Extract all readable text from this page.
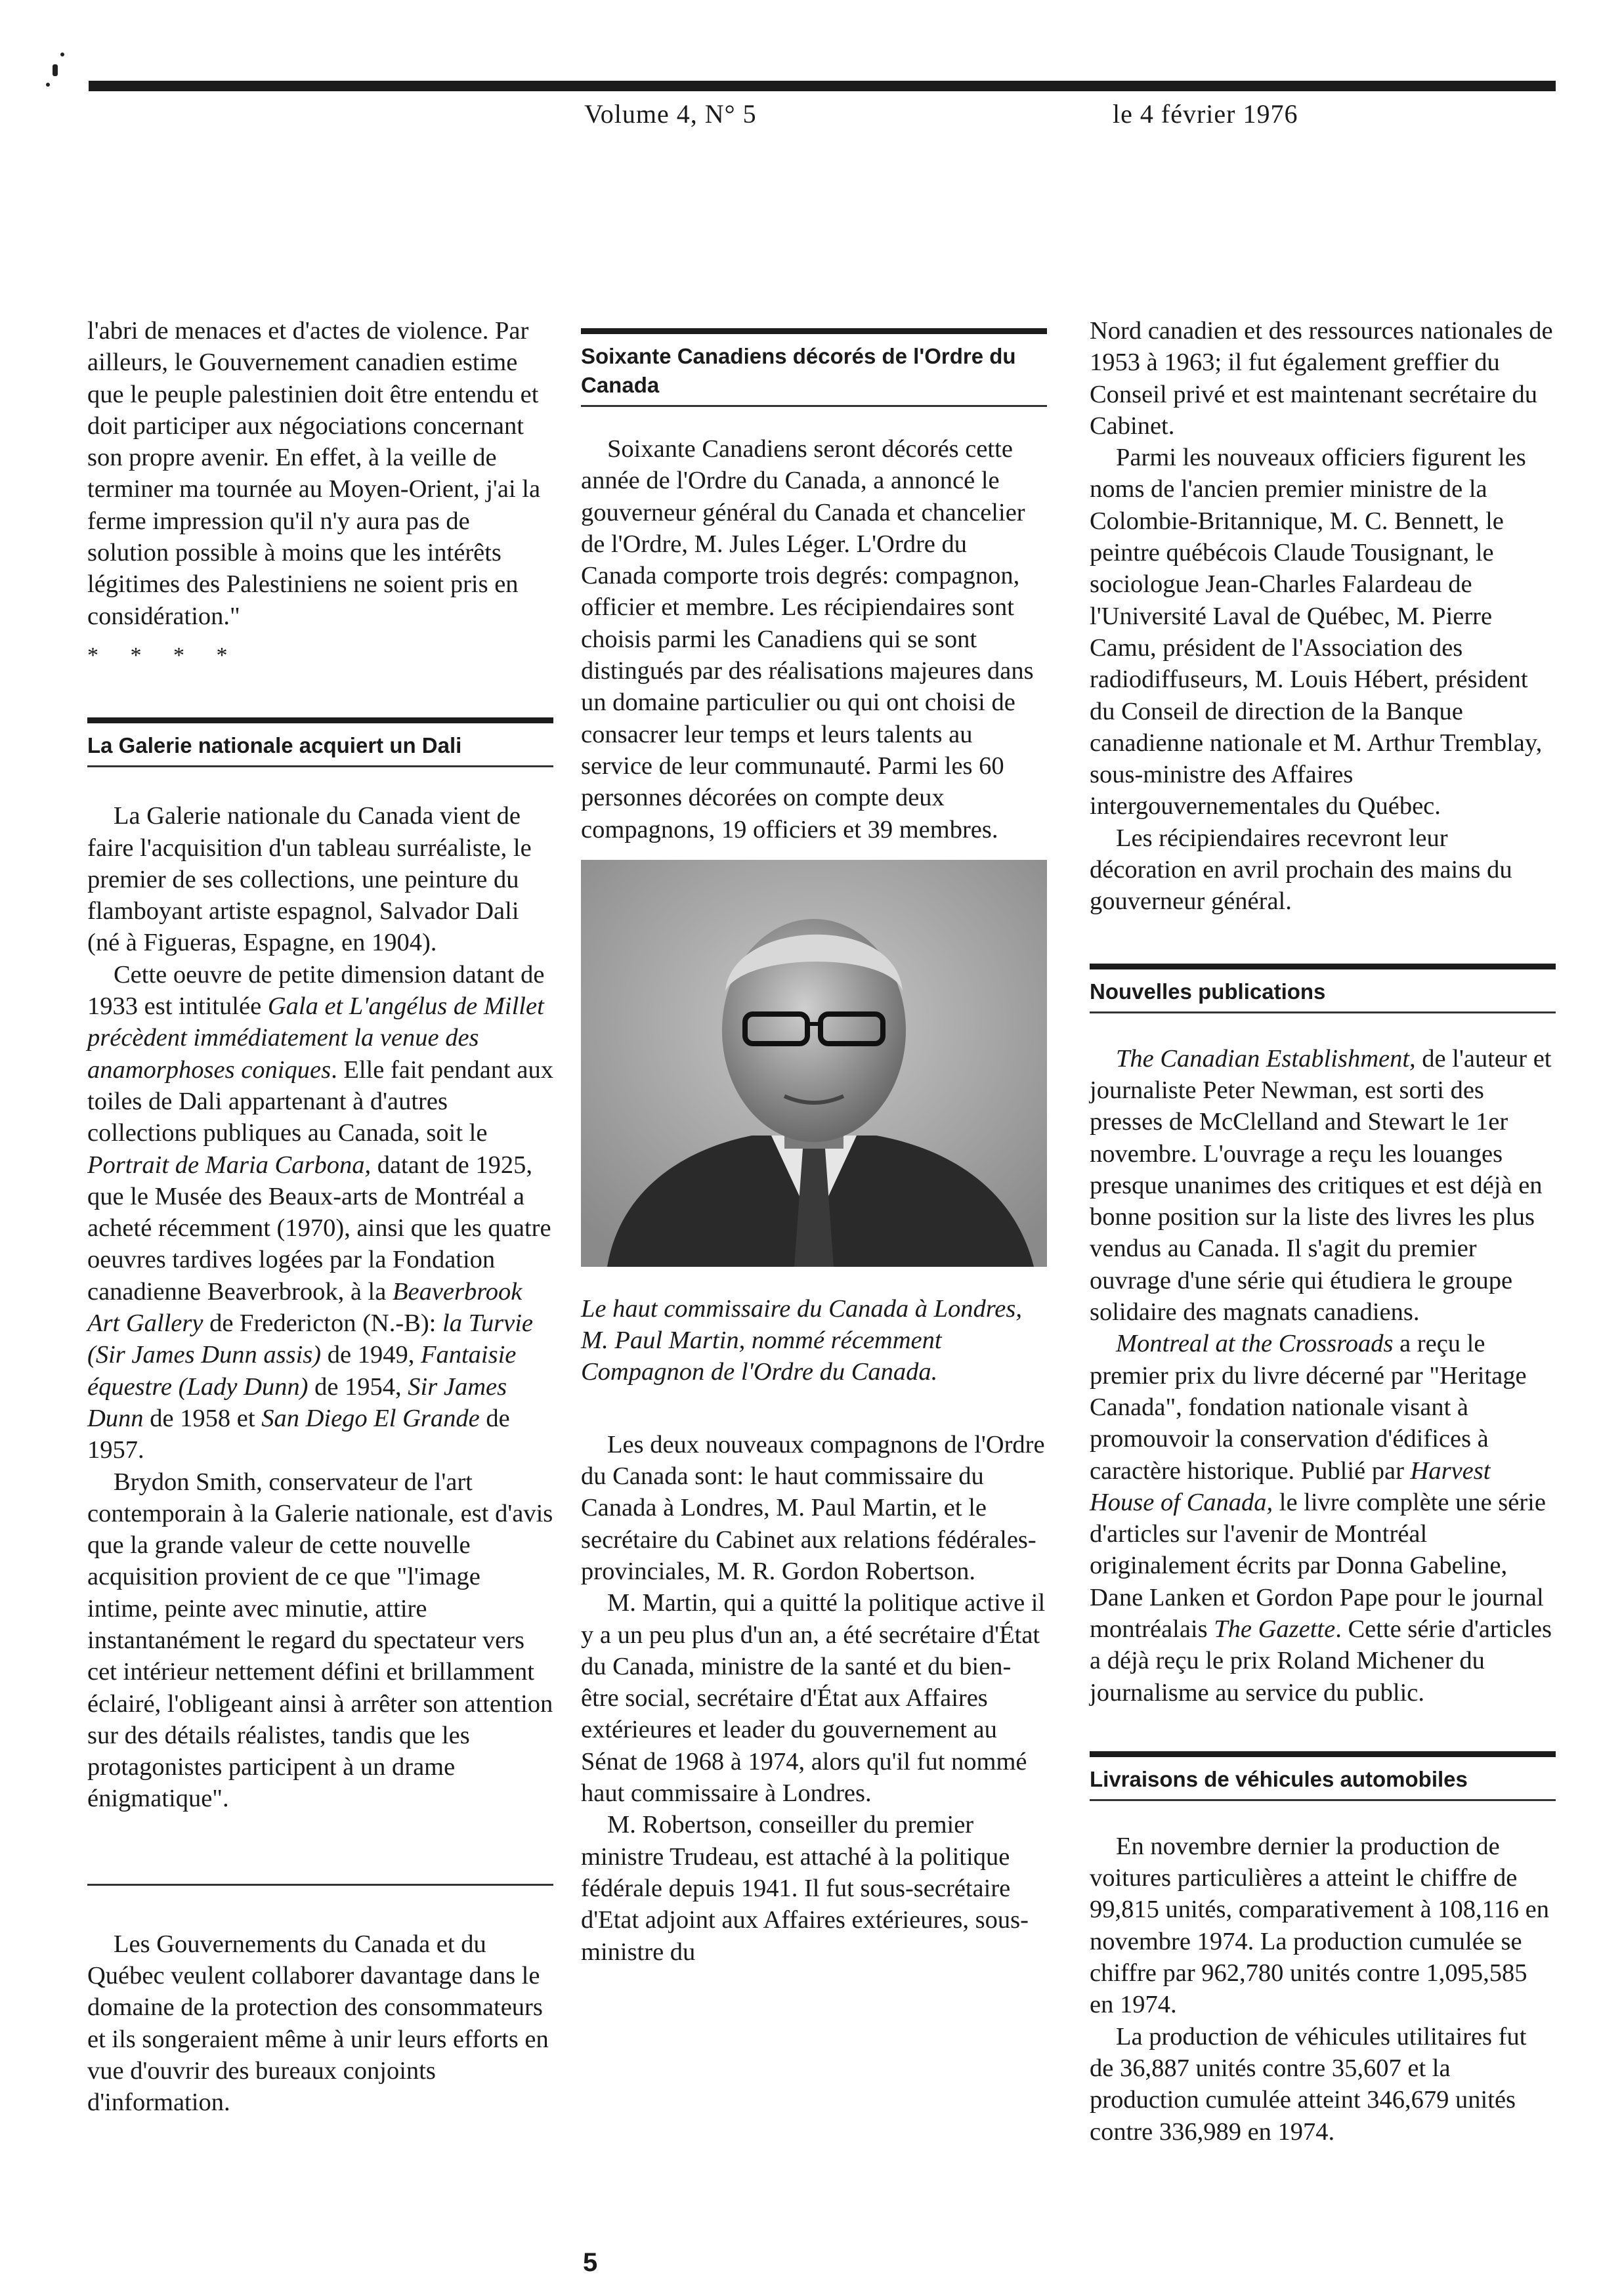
Volume 4, N° 5	le 4 février 1976

l'abri de menaces et d'actes de violence. Par ailleurs, le Gouvernement canadien estime que le peuple palestinien doit être entendu et doit participer aux négociations concernant son propre avenir. En effet, à la veille de terminer ma tournée au Moyen-Orient, j'ai la ferme impression qu'il n'y aura pas de solution possible à moins que les intérêts légitimes des Palestiniens ne soient pris en considération."

* * * *

La Galerie nationale acquiert un Dali

La Galerie nationale du Canada vient de faire l'acquisition d'un tableau surréaliste, le premier de ses collections, une peinture du flamboyant artiste espagnol, Salvador Dali (né à Figueras, Espagne, en 1904).

Cette oeuvre de petite dimension datant de 1933 est intitulée Gala et L'angélus de Millet précèdent immédiatement la venue des anamorphoses coniques. Elle fait pendant aux toiles de Dali appartenant à d'autres collections publiques au Canada, soit le Portrait de Maria Carbona, datant de 1925, que le Musée des Beaux-arts de Montréal a acheté récemment (1970), ainsi que les quatre oeuvres tardives logées par la Fondation canadienne Beaverbrook, à la Beaverbrook Art Gallery de Fredericton (N.-B): la Turvie (Sir James Dunn assis) de 1949, Fantaisie équestre (Lady Dunn) de 1954, Sir James Dunn de 1958 et San Diego El Grande de 1957.

Brydon Smith, conservateur de l'art contemporain à la Galerie nationale, est d'avis que la grande valeur de cette nouvelle acquisition provient de ce que "l'image intime, peinte avec minutie, attire instantanément le regard du spectateur vers cet intérieur nettement défini et brillamment éclairé, l'obligeant ainsi à arrêter son attention sur des détails réalistes, tandis que les protagonistes participent à un drame énigmatique".

Les Gouvernements du Canada et du Québec veulent collaborer davantage dans le domaine de la protection des consommateurs et ils songeraient même à unir leurs efforts en vue d'ouvrir des bureaux conjoints d'information.

Soixante Canadiens décorés de l'Ordre du Canada

Soixante Canadiens seront décorés cette année de l'Ordre du Canada, a annoncé le gouverneur général du Canada et chancelier de l'Ordre, M. Jules Léger. L'Ordre du Canada comporte trois degrés: compagnon, officier et membre. Les récipiendaires sont choisis parmi les Canadiens qui se sont distingués par des réalisations majeures dans un domaine particulier ou qui ont choisi de consacrer leur temps et leurs talents au service de leur communauté. Parmi les 60 personnes décorées on compte deux compagnons, 19 officiers et 39 membres.

Le haut commissaire du Canada à Londres, M. Paul Martin, nommé récemment Compagnon de l'Ordre du Canada.

Les deux nouveaux compagnons de l'Ordre du Canada sont: le haut commissaire du Canada à Londres, M. Paul Martin, et le secrétaire du Cabinet aux relations fédérales-provinciales, M. R. Gordon Robertson.

M. Martin, qui a quitté la politique active il y a un peu plus d'un an, a été secrétaire d'État du Canada, ministre de la santé et du bien-être social, secrétaire d'État aux Affaires extérieures et leader du gouvernement au Sénat de 1968 à 1974, alors qu'il fut nommé haut commissaire à Londres.

M. Robertson, conseiller du premier ministre Trudeau, est attaché à la politique fédérale depuis 1941. Il fut sous-secrétaire d'Etat adjoint aux Affaires extérieures, sous-ministre du

Nord canadien et des ressources nationales de 1953 à 1963; il fut également greffier du Conseil privé et est maintenant secrétaire du Cabinet.

Parmi les nouveaux officiers figurent les noms de l'ancien premier ministre de la Colombie-Britannique, M. C. Bennett, le peintre québécois Claude Tousignant, le sociologue Jean-Charles Falardeau de l'Université Laval de Québec, M. Pierre Camu, président de l'Association des radiodiffuseurs, M. Louis Hébert, président du Conseil de direction de la Banque canadienne nationale et M. Arthur Tremblay, sous-ministre des Affaires intergouvernementales du Québec.

Les récipiendaires recevront leur décoration en avril prochain des mains du gouverneur général.

Nouvelles publications

The Canadian Establishment, de l'auteur et journaliste Peter Newman, est sorti des presses de McClelland and Stewart le 1er novembre. L'ouvrage a reçu les louanges presque unanimes des critiques et est déjà en bonne position sur la liste des livres les plus vendus au Canada. Il s'agit du premier ouvrage d'une série qui étudiera le groupe solidaire des magnats canadiens.

Montreal at the Crossroads a reçu le premier prix du livre décerné par "Heritage Canada", fondation nationale visant à promouvoir la conservation d'édifices à caractère historique. Publié par Harvest House of Canada, le livre complète une série d'articles sur l'avenir de Montréal originalement écrits par Donna Gabeline, Dane Lanken et Gordon Pape pour le journal montréalais The Gazette. Cette série d'articles a déjà reçu le prix Roland Michener du journalisme au service du public.

Livraisons de véhicules automobiles

En novembre dernier la production de voitures particulières a atteint le chiffre de 99,815 unités, comparativement à 108,116 en novembre 1974. La production cumulée se chiffre par 962,780 unités contre 1,095,585 en 1974.

La production de véhicules utilitaires fut de 36,887 unités contre 35,607 et la production cumulée atteint 346,679 unités contre 336,989 en 1974.

5
